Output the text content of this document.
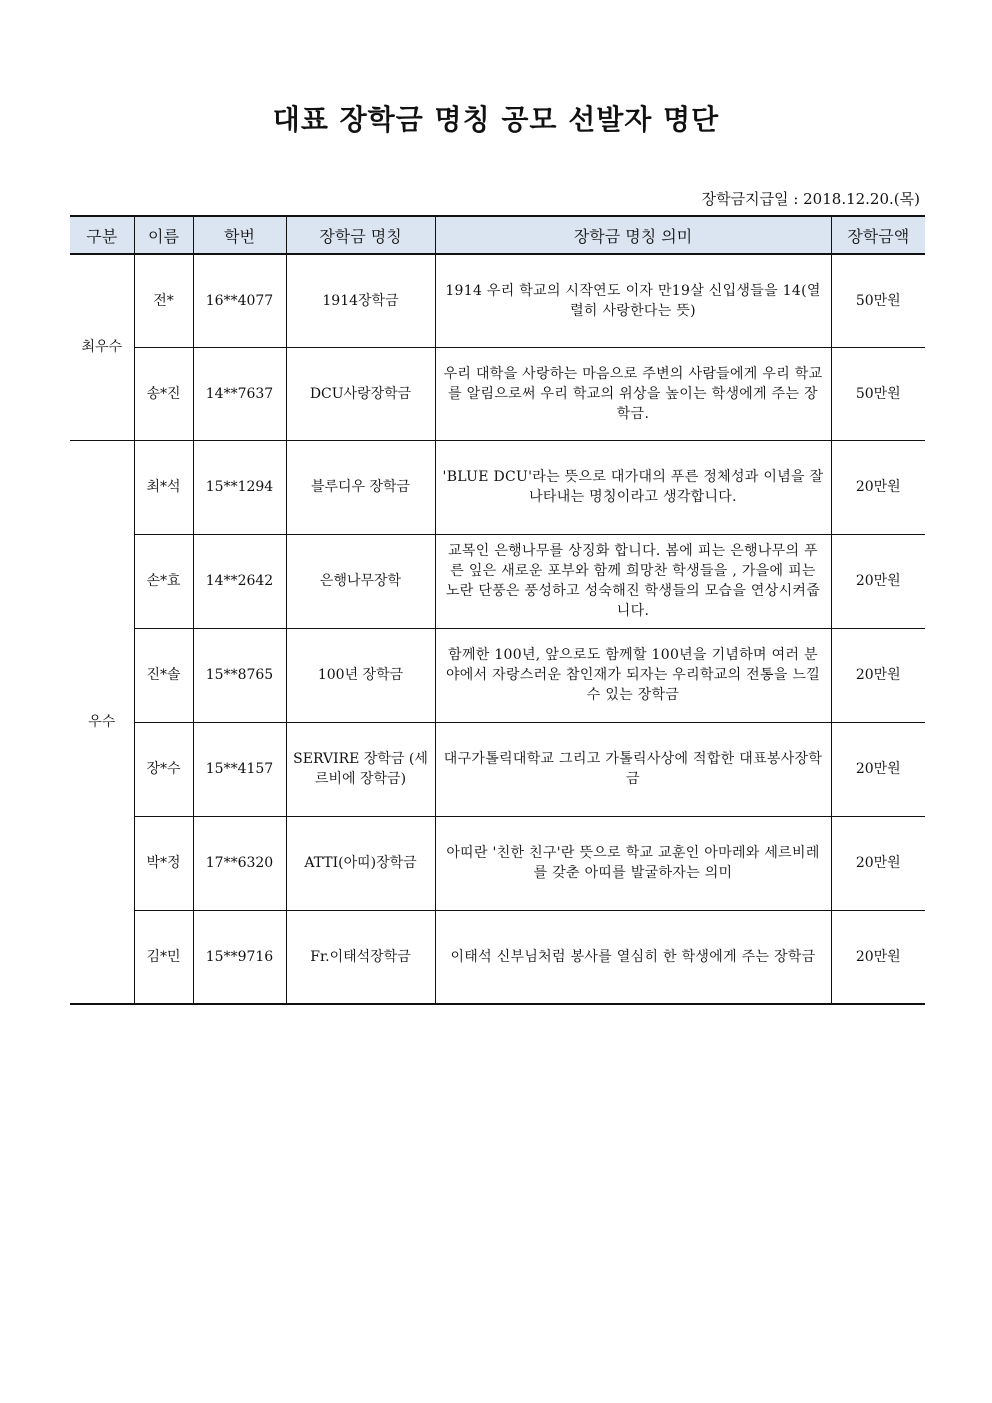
대표 장학금 명칭 공모 선발자 명단
장학금지급일 : 2018.12.20.(목)
구분	이름	학번	장학금 명칭	장학금 명칭 의미	장학금액
최우수	전*	16**4077	1914장학금	1914 우리 학교의 시작연도 이자 만19살 신입생들을 14(열렬히 사랑한다는 뜻)	50만원
	송*진	14**7637	DCU사랑장학금	우리 대학을 사랑하는 마음으로 주변의 사람들에게 우리 학교를 알림으로써 우리 학교의 위상을 높이는 학생에게 주는 장학금.	50만원
우수	최*석	15**1294	블루디우 장학금	'BLUE DCU'라는 뜻으로 대가대의 푸른 정체성과 이념을 잘 나타내는 명칭이라고 생각합니다.	20만원
	손*효	14**2642	은행나무장학	교목인 은행나무를 상징화 합니다. 봄에 피는 은행나무의 푸른 잎은 새로운 포부와 함께 희망찬 학생들을 , 가을에 피는 노란 단풍은 풍성하고 성숙해진 학생들의 모습을 연상시켜줍니다.	20만원
	진*솔	15**8765	100년 장학금	함께한 100년, 앞으로도 함께할 100년을 기념하며 여러 분야에서 자랑스러운 참인재가 되자는 우리학교의 전통을 느낄 수 있는 장학금	20만원
	장*수	15**4157	SERVIRE 장학금 (세르비에 장학금)	대구가톨릭대학교 그리고 가톨릭사상에 적합한 대표봉사장학금	20만원
	박*정	17**6320	ATTI(아띠)장학금	아띠란 '친한 친구'란 뜻으로 학교 교훈인 아마레와 세르비레를 갖춘 아띠를 발굴하자는 의미	20만원
	김*민	15**9716	Fr.이태석장학금	이태석 신부님처럼 봉사를 열심히 한 학생에게 주는 장학금	20만원
